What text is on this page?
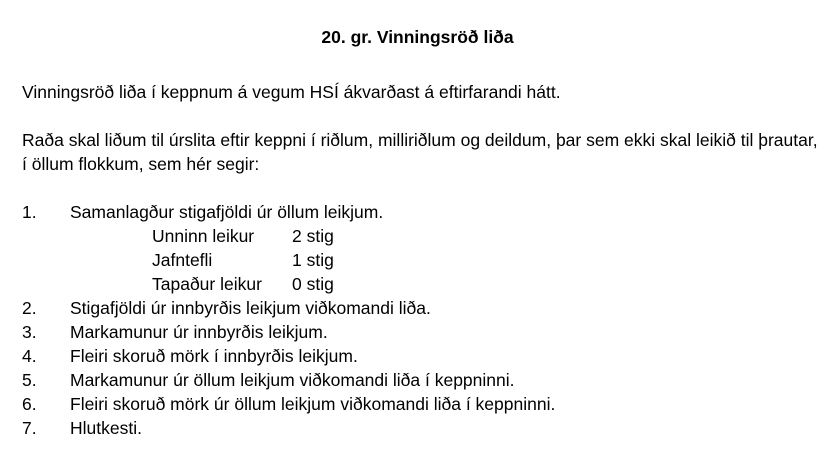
20. gr. Vinningsröð liða

Vinningsröð liða í keppnum á vegum HSÍ ákvarðast á eftirfarandi hátt.

Raða skal liðum til úrslita eftir keppni í riðlum, milliriðlum og deildum, þar sem ekki skal leikið til þrautar, í öllum flokkum, sem hér segir:

1.	Samanlagður stigafjöldi úr öllum leikjum.
Unninn leikur	2 stig
Jafntefli	1 stig
Tapaður leikur	0 stig
2.	Stigafjöldi úr innbyrðis leikjum viðkomandi liða.
3.	Markamunur úr innbyrðis leikjum.
4.	Fleiri skoruð mörk í innbyrðis leikjum.
5.	Markamunur úr öllum leikjum viðkomandi liða í keppninni.
6.	Fleiri skoruð mörk úr öllum leikjum viðkomandi liða í keppninni.
7.	Hlutkesti.
